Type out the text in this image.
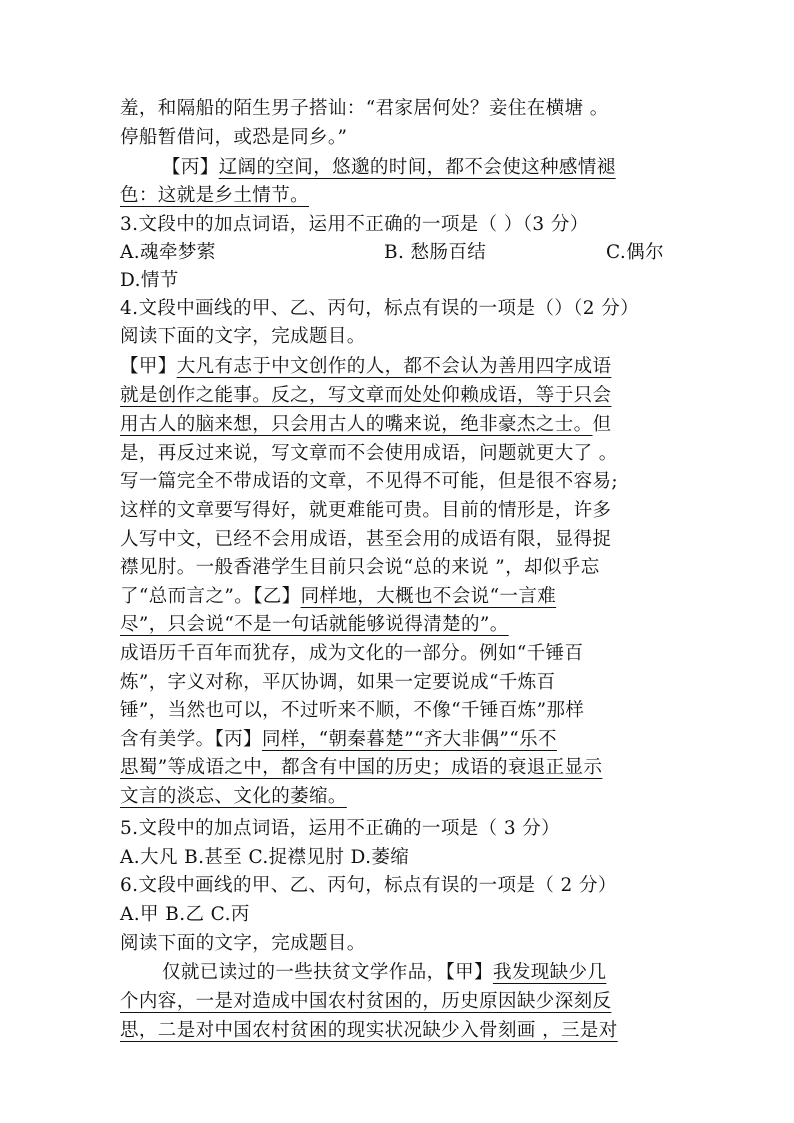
羞，和隔船的陌生男子搭讪：“君家居何处？妾住在横塘 。
停船暂借问，或恐是同乡。”
【丙】辽阔的空间，悠邈的时间，都不会使这种感情褪
色：这就是乡土情节。
3.文段中的加点词语，运用不正确的一项是（ ）（3 分）
A.魂牵梦萦	B. 愁肠百结	C.偶尔
D.情节
4.文段中画线的甲、乙、丙句，标点有误的一项是（）（2 分）
阅读下面的文字，完成题目。
【甲】大凡有志于中文创作的人，都不会认为善用四字成语
就是创作之能事。反之，写文章而处处仰赖成语，等于只会
用古人的脑来想，只会用古人的嘴来说，绝非豪杰之士。但
是，再反过来说，写文章而不会使用成语，问题就更大了 。
写一篇完全不带成语的文章，不见得不可能，但是很不容易;
这样的文章要写得好，就更难能可贵。目前的情形是，许多
人写中文，已经不会用成语，甚至会用的成语有限，显得捉
襟见肘。一般香港学生目前只会说“总的来说 ”，却似乎忘
了“总而言之”。【乙】同样地，大概也不会说“一言难
尽”，只会说“不是一句话就能够说得清楚的”。
成语历千百年而犹存，成为文化的一部分。例如“千锤百
炼”，字义对称，平仄协调，如果一定要说成“千炼百
锤”，当然也可以，不过听来不顺，不像“千锤百炼”那样
含有美学。【丙】同样，“朝秦暮楚”“齐大非偶”“乐不
思蜀”等成语之中，都含有中国的历史；成语的衰退正显示
文言的淡忘、文化的萎缩。
5.文段中的加点词语，运用不正确的一项是（ 3 分）
A.大凡 B.甚至 C.捉襟见肘 D.萎缩
6.文段中画线的甲、乙、丙句，标点有误的一项是（ 2 分）
A.甲 B.乙 C.丙
阅读下面的文字，完成题目。
仅就已读过的一些扶贫文学作品，【甲】我发现缺少几
个内容，一是对造成中国农村贫困的，历史原因缺少深刻反
思，二是对中国农村贫困的现实状况缺少入骨刻画 ，三是对
